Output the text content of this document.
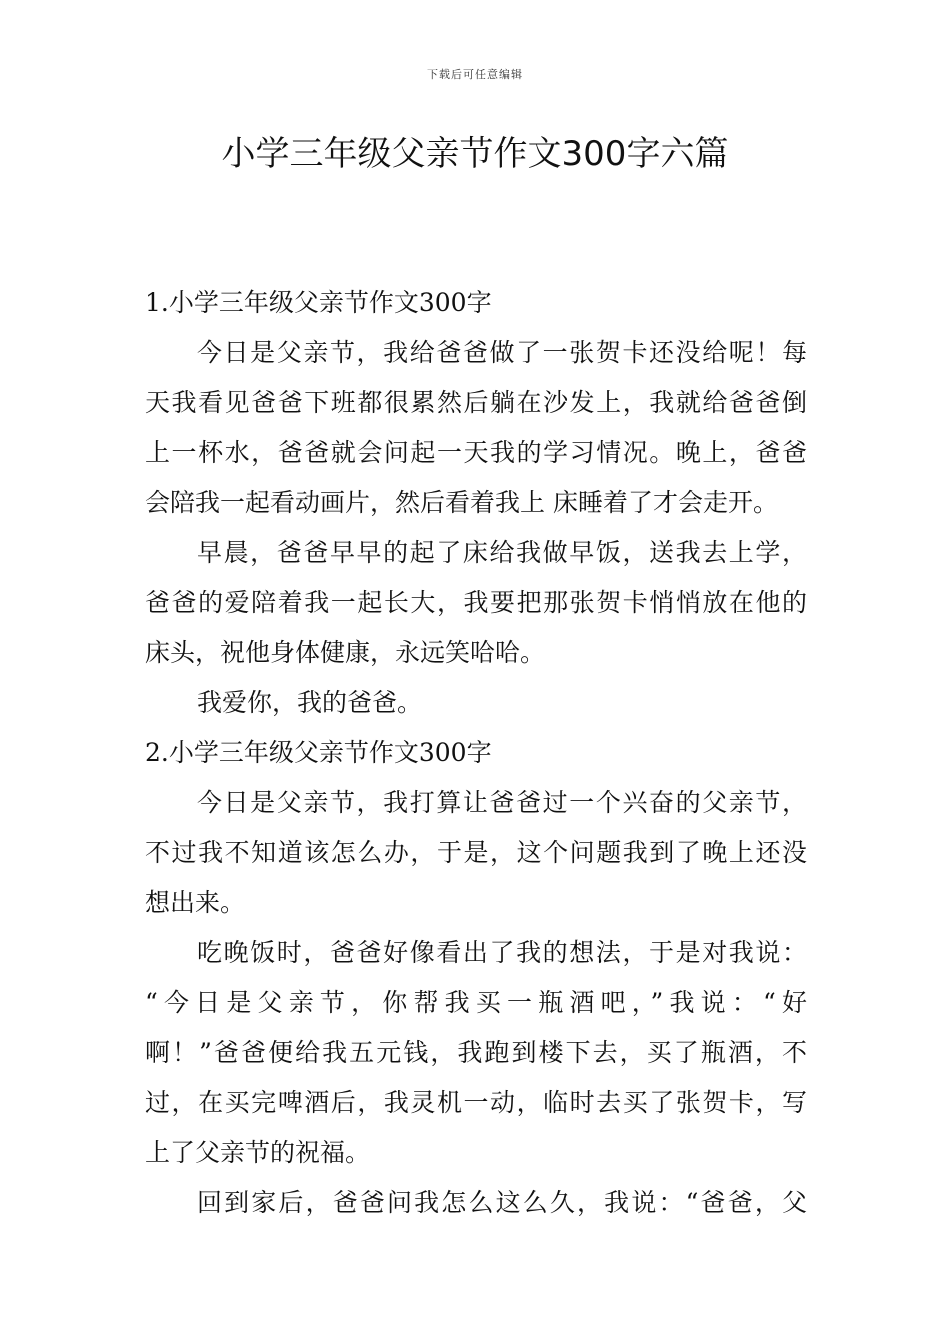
下载后可任意编辑
小学三年级父亲节作文300字六篇
1.小学三年级父亲节作文300字
今日是父亲节，我给爸爸做了一张贺卡还没给呢！每
天我看见爸爸下班都很累然后躺在沙发上，我就给爸爸倒
上一杯水，爸爸就会问起一天我的学习情况。晚上，爸爸
会陪我一起看动画片，然后看着我上 床睡着了才会走开。
早晨，爸爸早早的起了床给我做早饭，送我去上学，
爸爸的爱陪着我一起长大，我要把那张贺卡悄悄放在他的
床头，祝他身体健康，永远笑哈哈。
我爱你，我的爸爸。
2.小学三年级父亲节作文300字
今日是父亲节，我打算让爸爸过一个兴奋的父亲节，
不过我不知道该怎么办，于是，这个问题我到了晚上还没
想出来。
吃晚饭时，爸爸好像看出了我的想法，于是对我说：
“今日是父亲节，你帮我买一瓶酒吧，”我说：“好
啊！”爸爸便给我五元钱，我跑到楼下去，买了瓶酒，不
过，在买完啤酒后，我灵机一动，临时去买了张贺卡，写
上了父亲节的祝福。
回到家后，爸爸问我怎么这么久，我说：“爸爸，父
